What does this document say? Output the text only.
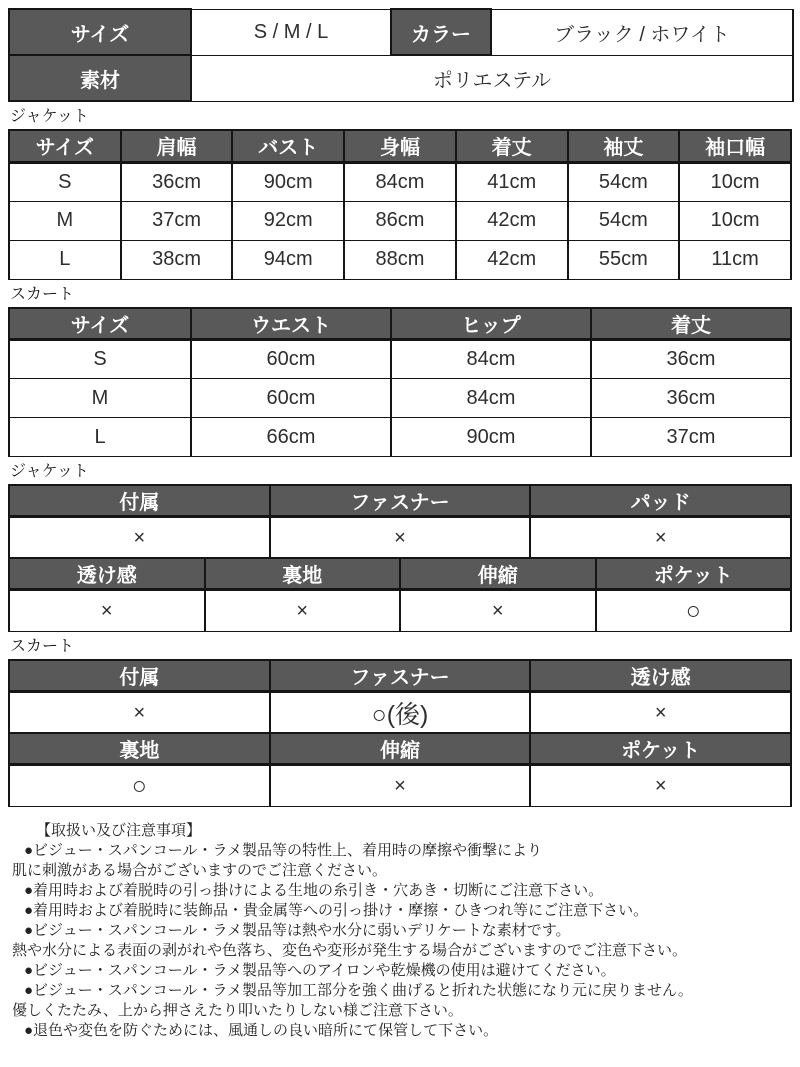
サイズ	S / M / L	カラー	ブラック / ホワイト
素材	ポリエステル		
ジャケット
サイズ	肩幅	バスト	身幅	着丈	袖丈	袖口幅
S	36cm	90cm	84cm	41cm	54cm	10cm
M	37cm	92cm	86cm	42cm	54cm	10cm
L	38cm	94cm	88cm	42cm	55cm	11cm
スカート
サイズ	ウエスト	ヒップ	着丈
S	60cm	84cm	36cm
M	60cm	84cm	36cm
L	66cm	90cm	37cm
ジャケット
付属	ファスナー	パッド
×	×	×
透け感	裏地	伸縮	ポケット
×	×	×	○
スカート
付属	ファスナー	透け感
×	○(後)	×
裏地	伸縮	ポケット
○	×	×
【取扱い及び注意事項】
●ビジュー・スパンコール・ラメ製品等の特性上、着用時の摩擦や衝撃により
肌に刺激がある場合がございますのでご注意ください。
●着用時および着脱時の引っ掛けによる生地の糸引き・穴あき・切断にご注意下さい。
●着用時および着脱時に装飾品・貴金属等への引っ掛け・摩擦・ひきつれ等にご注意下さい。
●ビジュー・スパンコール・ラメ製品等は熱や水分に弱いデリケートな素材です。
熱や水分による表面の剥がれや色落ち、変色や変形が発生する場合がございますのでご注意下さい。
●ビジュー・スパンコール・ラメ製品等へのアイロンや乾燥機の使用は避けてください。
●ビジュー・スパンコール・ラメ製品等加工部分を強く曲げると折れた状態になり元に戻りません。
優しくたたみ、上から押さえたり叩いたりしない様ご注意下さい。
●退色や変色を防ぐためには、風通しの良い暗所にて保管して下さい。
